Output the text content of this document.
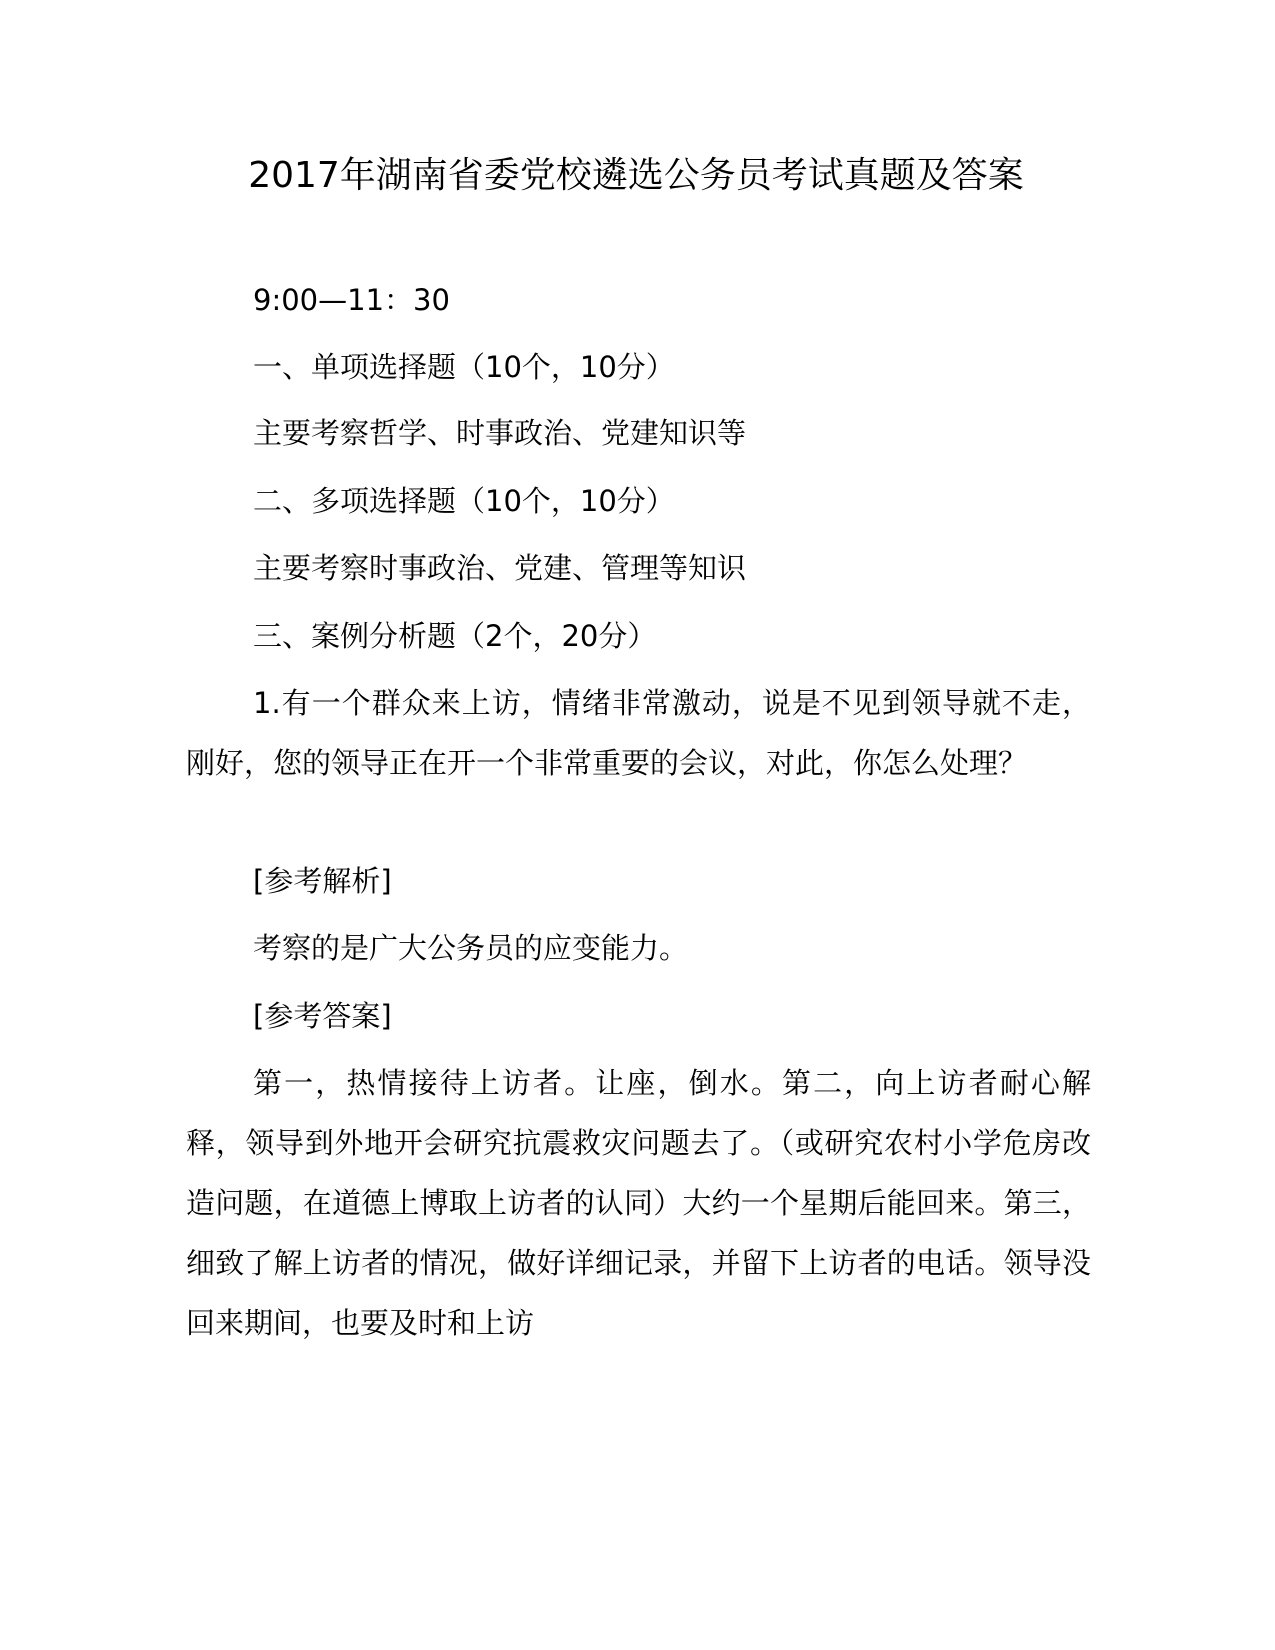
2017年湖南省委党校遴选公务员考试真题及答案

9:00—11：30

一、单项选择题（10个，10分）

主要考察哲学、时事政治、党建知识等

二、多项选择题（10个，10分）

主要考察时事政治、党建、管理等知识

三、案例分析题（2个，20分）

1.有一个群众来上访，情绪非常激动，说是不见到领导就不走，刚好，您的领导正在开一个非常重要的会议，对此，你怎么处理？

[参考解析]

考察的是广大公务员的应变能力。

[参考答案]

第一，热情接待上访者。让座，倒水。第二，向上访者耐心解释，领导到外地开会研究抗震救灾问题去了。（或研究农村小学危房改造问题，在道德上博取上访者的认同）大约一个星期后能回来。第三，细致了解上访者的情况，做好详细记录，并留下上访者的电话。领导没回来期间，也要及时和上访
